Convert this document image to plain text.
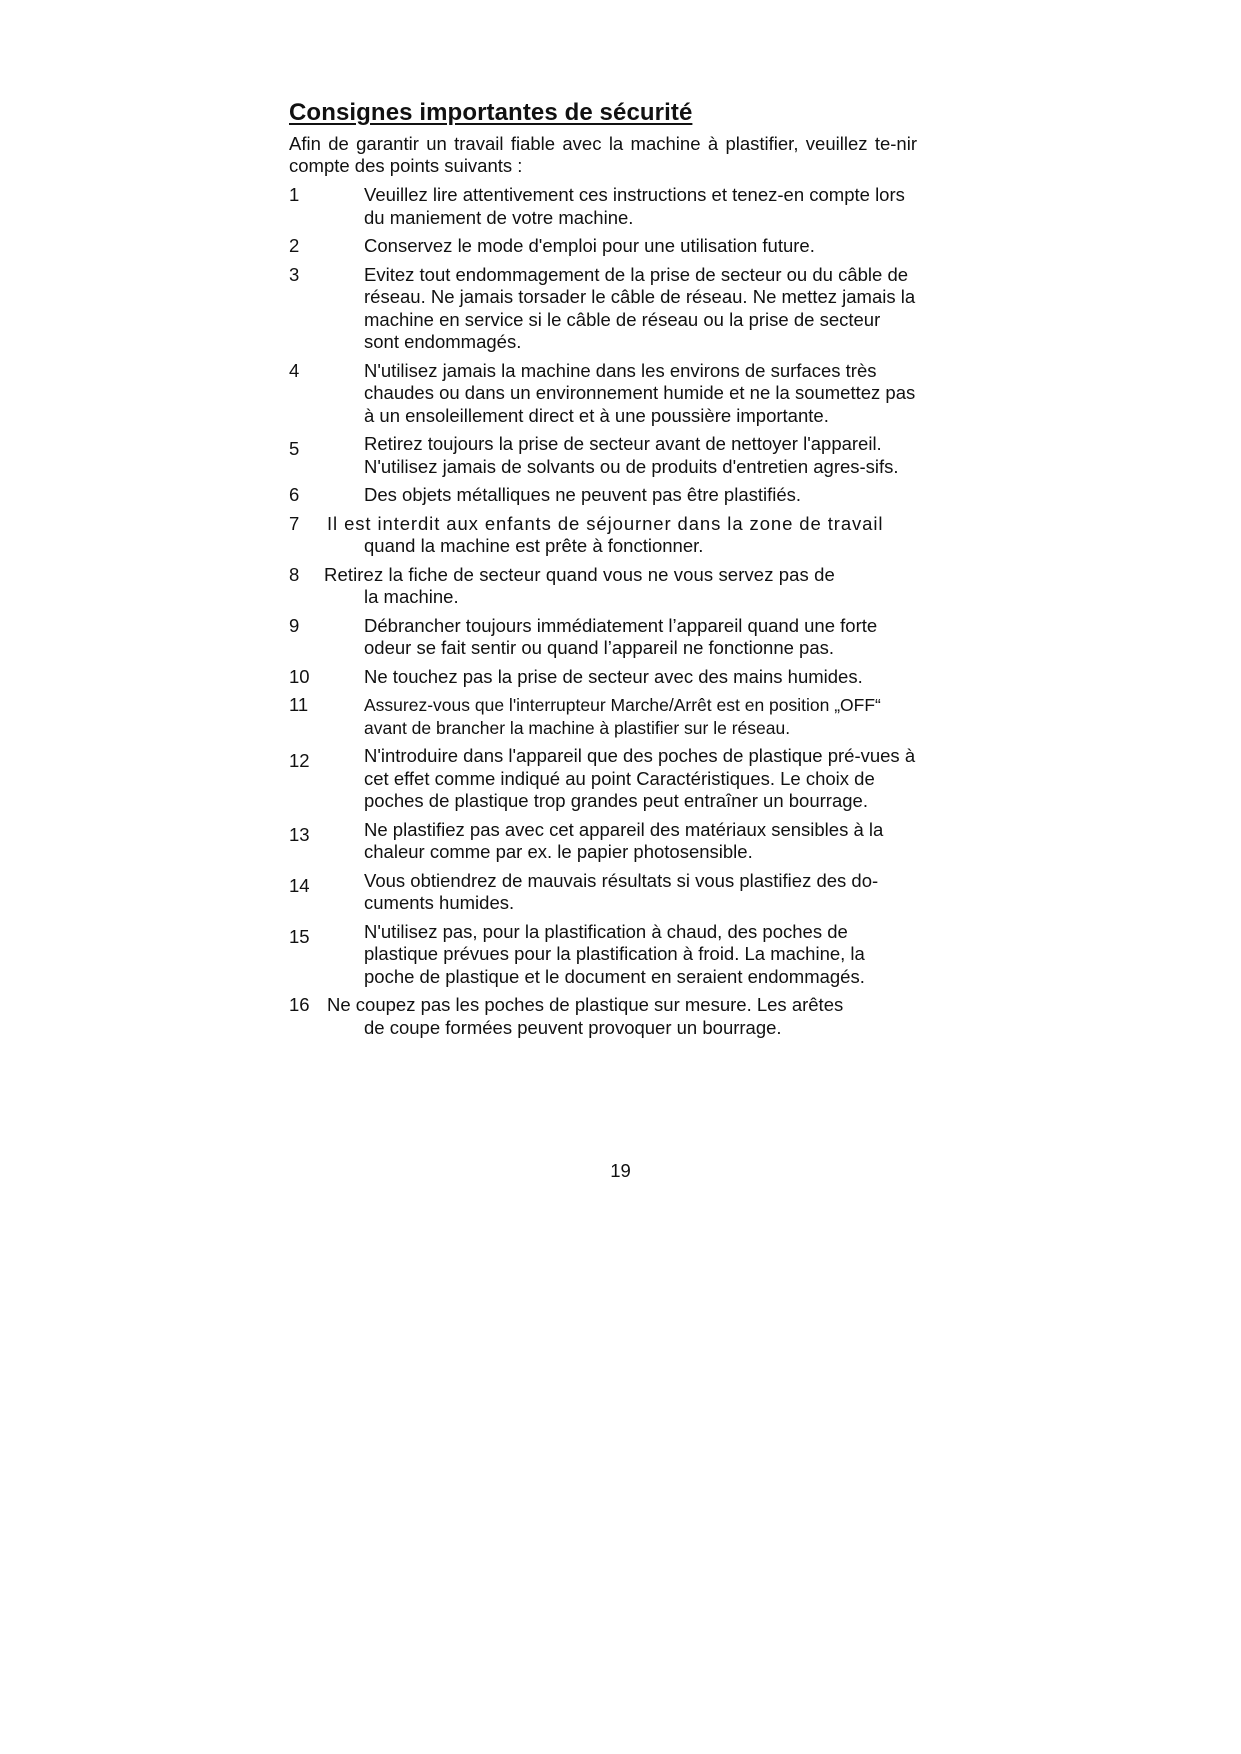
Consignes importantes de sécurité

Afin de garantir un travail fiable avec la machine à plastifier, veuillez te-nir compte des points suivants :

1	Veuillez lire attentivement ces instructions et tenez-en compte lors du maniement de votre machine.
2	Conservez le mode d'emploi pour une utilisation future.
3	Evitez tout endommagement de la prise de secteur ou du câble de réseau. Ne jamais torsader le câble de réseau. Ne mettez jamais la machine en service si le câble de réseau ou la prise de secteur sont endommagés.
4	N'utilisez jamais la machine dans les environs de surfaces très chaudes ou dans un environnement humide et ne la soumettez pas à un ensoleillement direct et à une poussière importante.
5	Retirez toujours la prise de secteur avant de nettoyer l'appareil. N'utilisez jamais de solvants ou de produits d'entretien agres-sifs.
6	Des objets métalliques ne peuvent pas être plastifiés.
7	Il est interdit aux enfants de séjourner dans la zone de travail
quand la machine est prête à fonctionner.
8	Retirez la fiche de secteur quand vous ne vous servez pas de
la machine.
9	Débrancher toujours immédiatement l’appareil quand une forte odeur se fait sentir ou quand l’appareil ne fonctionne pas.
10	Ne touchez pas la prise de secteur avec des mains humides.
11	Assurez-vous que l'interrupteur Marche/Arrêt est en position „OFF“ avant de brancher la machine à plastifier sur le réseau.
12	N'introduire dans l'appareil que des poches de plastique pré-vues à cet effet comme indiqué au point Caractéristiques. Le choix de poches de plastique trop grandes peut entraîner un bourrage.
13	Ne plastifiez pas avec cet appareil des matériaux sensibles à la chaleur comme par ex. le papier photosensible.
14	Vous obtiendrez de mauvais résultats si vous plastifiez des do-cuments humides.
15	N'utilisez pas, pour la plastification à chaud, des poches de plastique prévues pour la plastification à froid. La machine, la poche de plastique et le document en seraient endommagés.
16 Ne coupez pas les poches de plastique sur mesure. Les arêtes
de coupe formées peuvent provoquer un bourrage.
19
